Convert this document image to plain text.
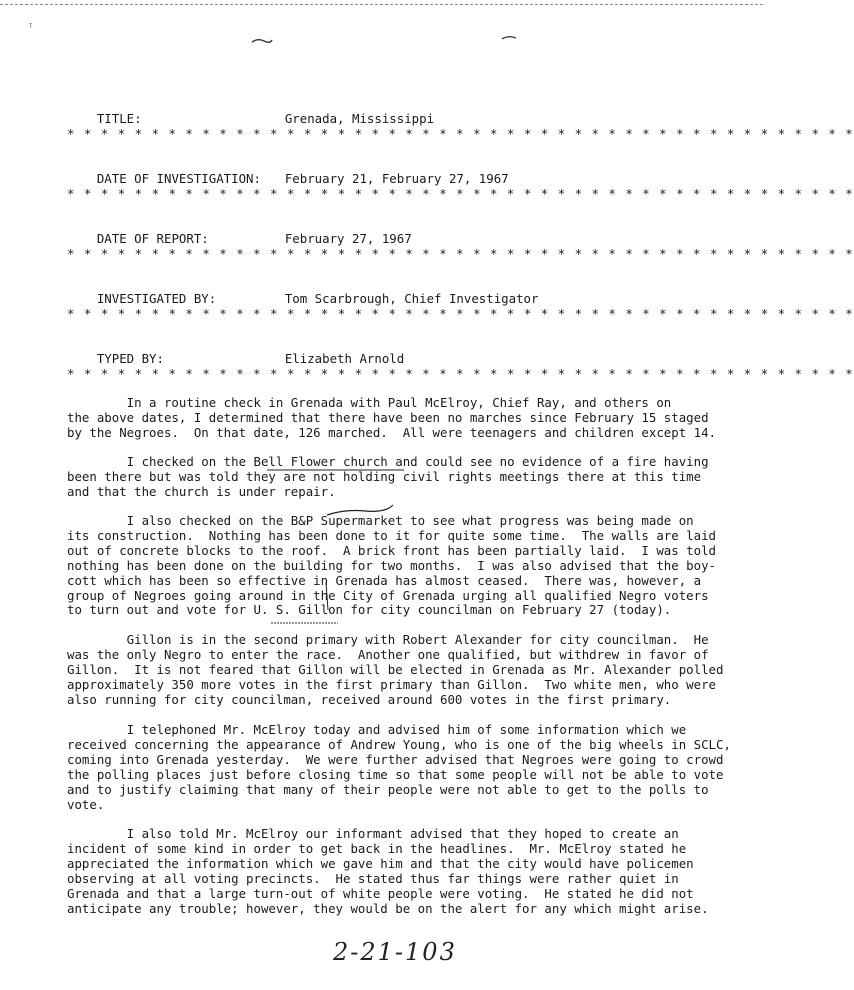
ᵎ

TITLE:	Grenada, Mississippi

* * * * * * * * * * * * * * * * * * * * * * * * * * * * * * * * * * * * * * * * * * * * * * *

DATE OF INVESTIGATION: February 21, February 27, 1967

* * * * * * * * * * * * * * * * * * * * * * * * * * * * * * * * * * * * * * * * * * * * * * *

DATE OF REPORT:	February 27, 1967

* * * * * * * * * * * * * * * * * * * * * * * * * * * * * * * * * * * * * * * * * * * * * * *

INVESTIGATED BY:	Tom Scarbrough, Chief Investigator

* * * * * * * * * * * * * * * * * * * * * * * * * * * * * * * * * * * * * * * * * * * * * * *

TYPED BY:	Elizabeth Arnold

* * * * * * * * * * * * * * * * * * * * * * * * * * * * * * * * * * * * * * * * * * * * * * *
In a routine check in Grenada with Paul McElroy, Chief Ray, and others on
the above dates, I determined that there have been no marches since February 15 staged
by the Negroes.  On that date, 126 marched.  All were teenagers and children except 14.
I checked on the Bell Flower church and could see no evidence of a fire having
been there but was told they are not holding civil rights meetings there at this time
and that the church is under repair.
I also checked on the B&P Supermarket to see what progress was being made on
its construction.  Nothing has been done to it for quite some time.  The walls are laid
out of concrete blocks to the roof.  A brick front has been partially laid.  I was told
nothing has been done on the building for two months.  I was also advised that the boy-
cott which has been so effective in Grenada has almost ceased.  There was, however, a
group of Negroes going around in the City of Grenada urging all qualified Negro voters
to turn out and vote for U. S. Gillon for city councilman on February 27 (today).
Gillon is in the second primary with Robert Alexander for city councilman.  He
was the only Negro to enter the race.  Another one qualified, but withdrew in favor of
Gillon.  It is not feared that Gillon will be elected in Grenada as Mr. Alexander polled
approximately 350 more votes in the first primary than Gillon.  Two white men, who were
also running for city councilman, received around 600 votes in the first primary.
I telephoned Mr. McElroy today and advised him of some information which we
received concerning the appearance of Andrew Young, who is one of the big wheels in SCLC,
coming into Grenada yesterday.  We were further advised that Negroes were going to crowd
the polling places just before closing time so that some people will not be able to vote
and to justify claiming that many of their people were not able to get to the polls to
vote.
I also told Mr. McElroy our informant advised that they hoped to create an
incident of some kind in order to get back in the headlines.  Mr. McElroy stated he
appreciated the information which we gave him and that the city would have policemen
observing at all voting precincts.  He stated thus far things were rather quiet in
Grenada and that a large turn-out of white people were voting.  He stated he did not
anticipate any trouble; however, they would be on the alert for any which might arise.
2-21-103
